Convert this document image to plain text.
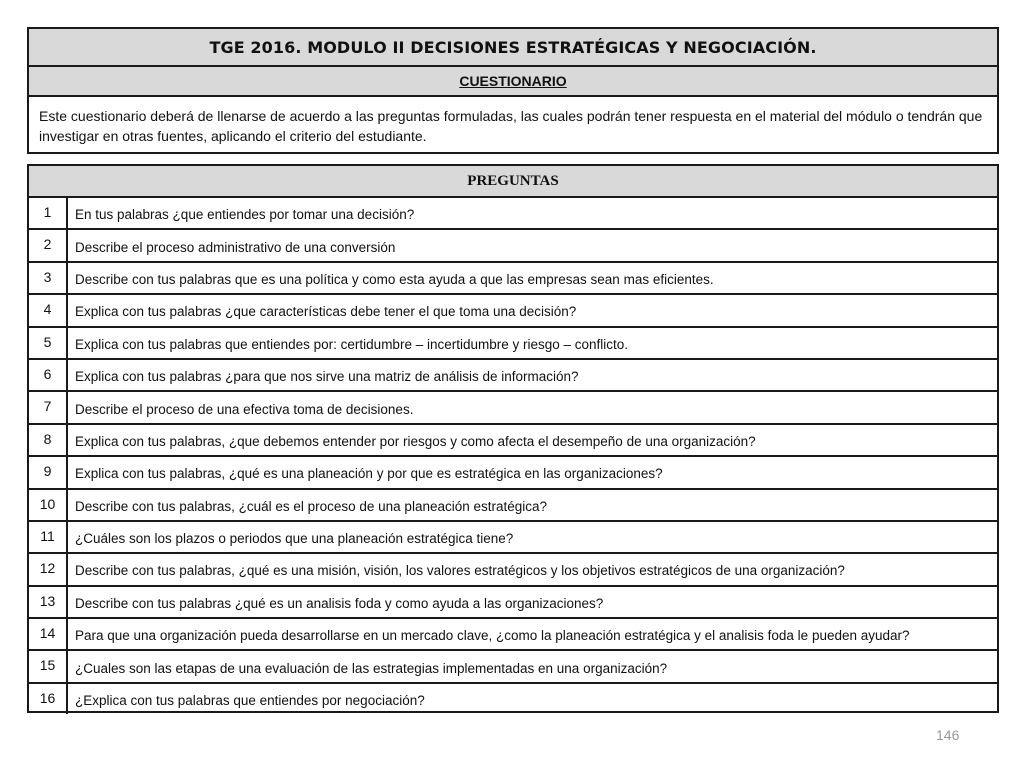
TGE 2016. MODULO II DECISIONES ESTRATÉGICAS Y NEGOCIACIÓN.
CUESTIONARIO
Este cuestionario deberá de llenarse de acuerdo a las preguntas formuladas, las cuales podrán tener respuesta en el material del módulo o tendrán que investigar en otras fuentes, aplicando el criterio del estudiante.
PREGUNTAS
1	En tus palabras ¿que entiendes por tomar una decisión?
2	Describe el proceso administrativo de una conversión
3	Describe con tus palabras que es una política y como esta ayuda a que las empresas sean mas eficientes.
4	Explica con tus palabras ¿que características debe tener el que toma una decisión?
5	Explica con tus palabras que entiendes por: certidumbre – incertidumbre y riesgo – conflicto.
6	Explica con tus palabras ¿para que nos sirve una matriz de análisis de información?
7	Describe el proceso de una efectiva toma de decisiones.
8	Explica con tus palabras, ¿que debemos entender por riesgos y como afecta el desempeño de una organización?
9	Explica con tus palabras, ¿qué es una planeación y por que es estratégica en las organizaciones?
10	Describe con tus palabras, ¿cuál es el proceso de una planeación estratégica?
11	¿Cuáles son los plazos o periodos que una planeación estratégica tiene?
12	Describe con tus palabras, ¿qué es una misión, visión, los valores estratégicos y los objetivos estratégicos de una organización?
13	Describe con tus palabras ¿qué es un analisis foda y como ayuda a las organizaciones?
14	Para que una organización pueda desarrollarse en un mercado clave, ¿como la planeación estratégica y el analisis foda le pueden ayudar?
15	¿Cuales son las etapas de una evaluación de las estrategias implementadas en una organización?
16	¿Explica con tus palabras que entiendes por negociación?
146
